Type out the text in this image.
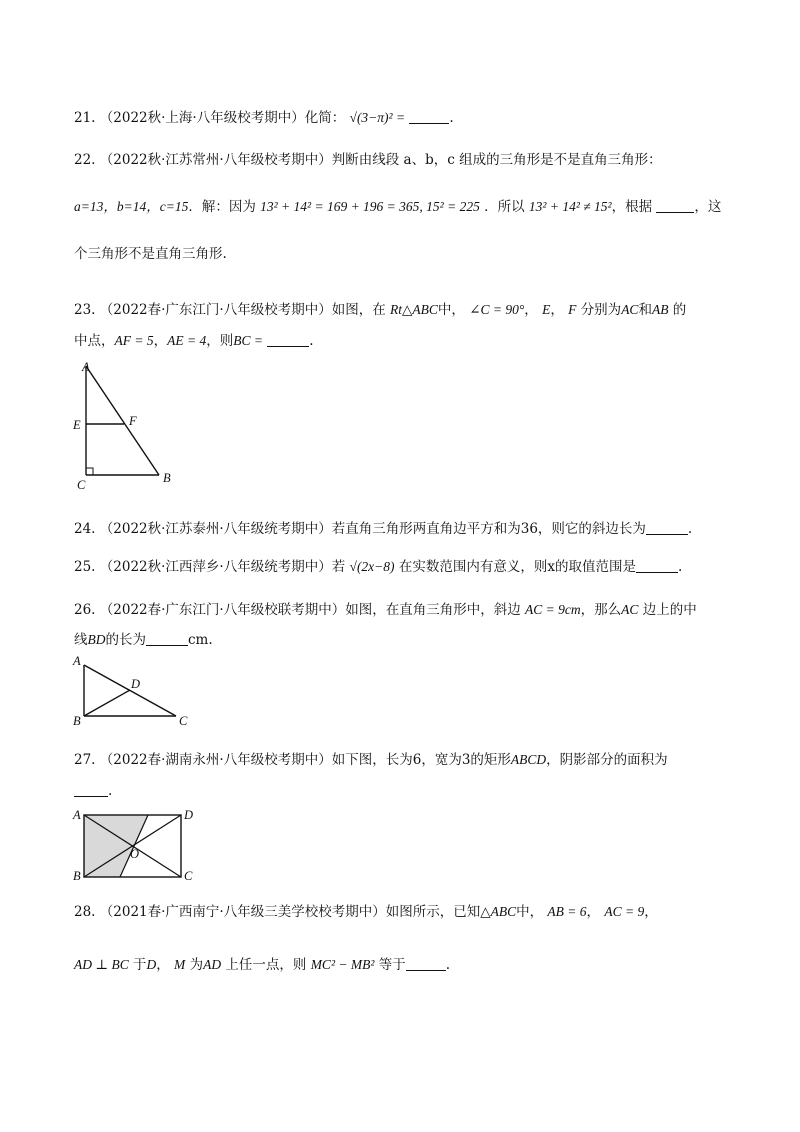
21. （2022秋·上海·八年级校考期中）化简： √(3−π)² =	.
22. （2022秋·江苏常州·八年级校考期中）判断由线段 a、b，c 组成的三角形是不是直角三角形：
a=13，b=14，c=15．解：因为 13² + 14² = 169 + 196 = 365, 15² = 225 ．所以 13² + 14² ≠ 15²，根据	，这
个三角形不是直角三角形.
23. （2022春·广东江门·八年级校考期中）如图，在 Rt△ABC中， ∠C = 90°， E， F 分别为AC和AB 的
中点，AF = 5，AE = 4，则BC =	.
A
E	F
C	B
24. （2022秋·江苏泰州·八年级统考期中）若直角三角形两直角边平方和为36，则它的斜边长为	.
25. （2022秋·江西萍乡·八年级统考期中）若 √(2x−8) 在实数范围内有意义，则x的取值范围是	.
26. （2022春·广东江门·八年级校联考期中）如图，在直角三角形中，斜边 AC = 9cm，那么AC 边上的中
线BD的长为	cm.
A
D
B	C
27. （2022春·湖南永州·八年级校考期中）如下图，长为6，宽为3的矩形ABCD，阴影部分的面积为
.
A	D
O
B	C
28. （2021春·广西南宁·八年级三美学校校考期中）如图所示，已知△ABC中， AB = 6， AC = 9，
AD ⊥ BC 于D， M 为AD 上任一点，则 MC² − MB² 等于	.
